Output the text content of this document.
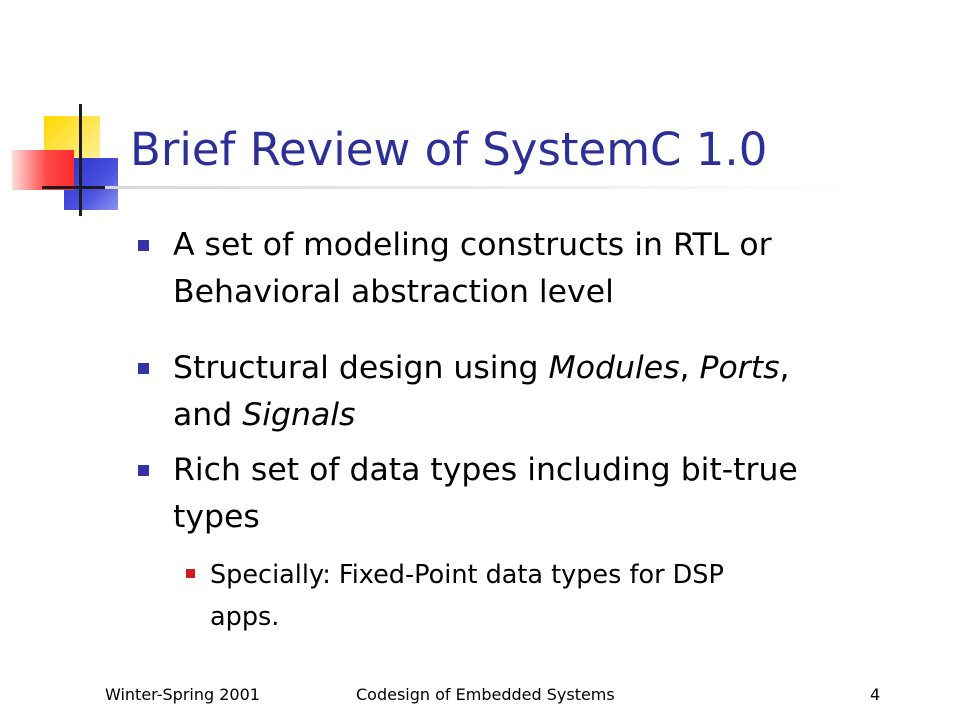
Brief Review of SystemC 1.0
A set of modeling constructs in RTL or
Behavioral abstraction level
Structural design using Modules, Ports,
and Signals
Rich set of data types including bit-true
types
Specially: Fixed-Point data types for DSP
apps.
Winter-Spring 2001	Codesign of Embedded Systems	4
